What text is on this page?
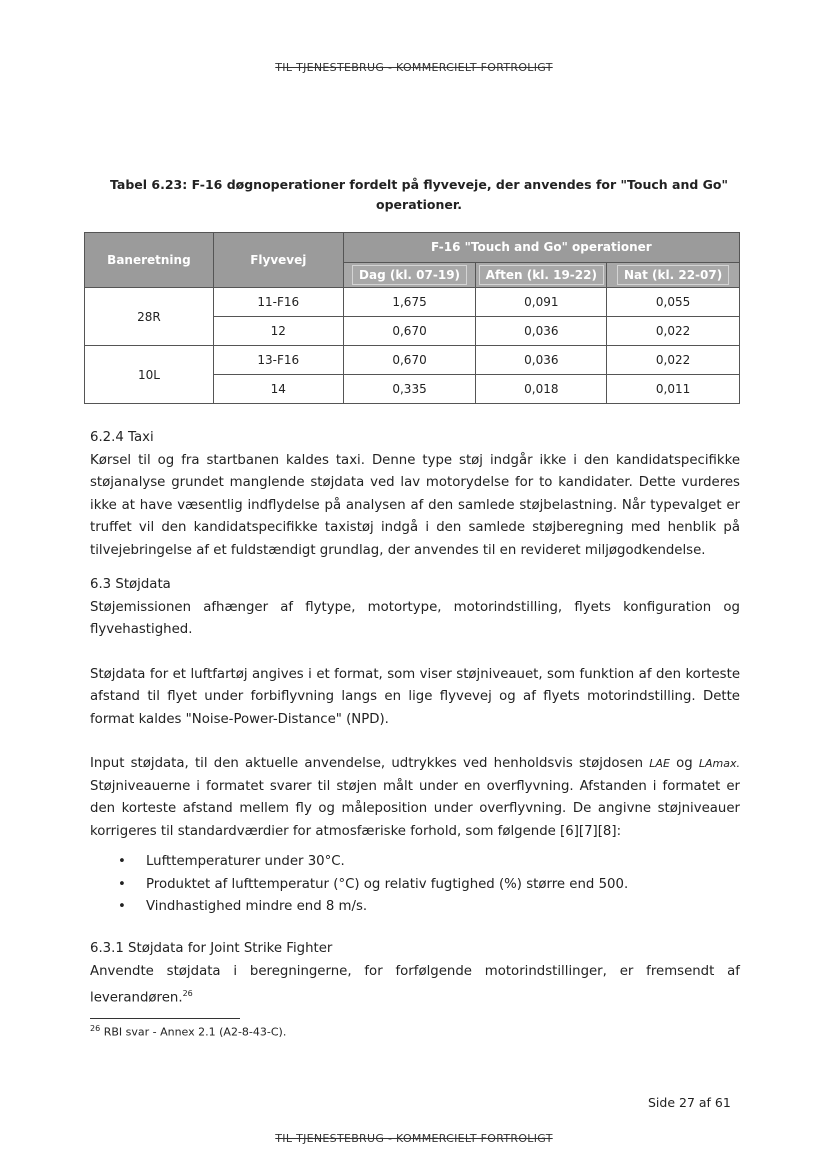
TIL TJENESTEBRUG - KOMMERCIELT FORTROLIGT
Tabel 6.23: F-16 døgnoperationer fordelt på flyveveje, der anvendes for "Touch and Go" operationer.
Baneretning	Flyvevej	F-16 "Touch and Go" operationer		
		Dag (kl. 07-19)	Aften (kl. 19-22)	Nat (kl. 22-07)
28R	11-F16	1,675	0,091	0,055
	12	0,670	0,036	0,022
10L	13-F16	0,670	0,036	0,022
	14	0,335	0,018	0,011
6.2.4 Taxi

Kørsel til og fra startbanen kaldes taxi. Denne type støj indgår ikke i den kandidatspecifikke støjanalyse grundet manglende støjdata ved lav motorydelse for to kandidater. Dette vurderes ikke at have væsentlig indflydelse på analysen af den samlede støjbelastning. Når typevalget er truffet vil den kandidatspecifikke taxistøj indgå i den samlede støjberegning med henblik på tilvejebringelse af et fuldstændigt grundlag, der anvendes til en revideret miljøgodkendelse.

6.3 Støjdata

Støjemissionen afhænger af flytype, motortype, motorindstilling, flyets konfiguration og flyvehastighed.

Støjdata for et luftfartøj angives i et format, som viser støjniveauet, som funktion af den korteste afstand til flyet under forbiflyvning langs en lige flyvevej og af flyets motorindstilling. Dette format kaldes "Noise-Power-Distance" (NPD).

Input støjdata, til den aktuelle anvendelse, udtrykkes ved henholdsvis støjdosen LAE og LAmax. Støjniveauerne i formatet svarer til støjen målt under en overflyvning. Afstanden i formatet er den korteste afstand mellem fly og måleposition under overflyvning. De angivne støjniveauer korrigeres til standardværdier for atmosfæriske forhold, som følgende [6][7][8]:

• Lufttemperaturer under 30°C.
• Produktet af lufttemperatur (°C) og relativ fugtighed (%) større end 500.
• Vindhastighed mindre end 8 m/s.
6.3.1 Støjdata for Joint Strike Fighter

Anvendte støjdata i beregningerne, for forfølgende motorindstillinger, er fremsendt af leverandøren.$^{26}$

$^{26}$ RBI svar - Annex 2.1 (A2-8-43-C).
Side 27 af 61
TIL TJENESTEBRUG - KOMMERCIELT FORTROLIGT
